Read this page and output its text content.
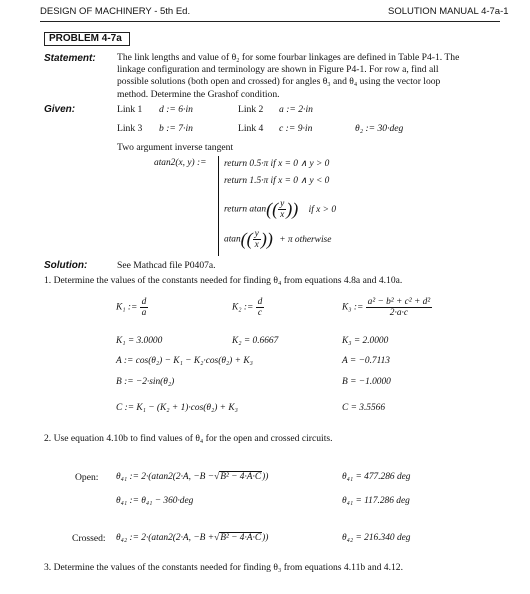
DESIGN OF MACHINERY - 5th Ed.	SOLUTION MANUAL 4-7a-1
PROBLEM 4-7a
Statement: The link lengths and value of θ₂ for some fourbar linkages are defined in Table P4-1. The
linkage configuration and terminology are shown in Figure P4-1. For row a, find all
possible solutions (both open and crossed) for angles θ₃ and θ₄ using the vector loop
method. Determine the Grashof condition.
Given:	Link 1 d := 6·in	Link 2 a := 2·in
Link 3 b := 7·in	Link 4 c := 9·in	θ₂ := 30·deg
Two argument inverse tangent
atan2(x, y) := return 0.5·π if x = 0 ∧ y > 0
return 1.5·π if x = 0 ∧ y < 0
return $atan(( \frac{y}{x}$ )) if x > 0
$atan(( \frac{y}{x}$ )) + π otherwise
Solution:	See Mathcad file P0407a.
1. Determine the values of the constants needed for finding θ₄ from equations 4.8a and 4.10a.
K₁ := $\frac{d}{a}$	K₂ := $\frac{d}{c}$	K₃ := $\frac{\text{a² − b² + c² + d²}}{2\cdot a\cdot c}$
K₁ = 3.0000	K₂ = 0.6667	K₃ = 2.0000
A := cos(θ₂) − K₁ − K₂·cos(θ₂) + K₃	A = −0.7113
B := −2·sin(θ₂)	B = −1.0000
C := K₁ − (K₂ + 1)·cos(θ₂) + K₃	C = 3.5566
2. Use equation 4.10b to find values of θ₄ for the open and crossed circuits.
Open: θ₄₁ := 2·(atan2(2·A, −B −√B² − 4·A·C))	θ₄₁ = 477.286 deg
θ₄₁ := θ₄₁ − 360·deg	θ₄₁ = 117.286 deg
Crossed: θ₄₂ := 2·(atan2(2·A, −B +√B² − 4·A·C))	θ₄₂ = 216.340 deg
3. Determine the values of the constants needed for finding θ₃ from equations 4.11b and 4.12.
